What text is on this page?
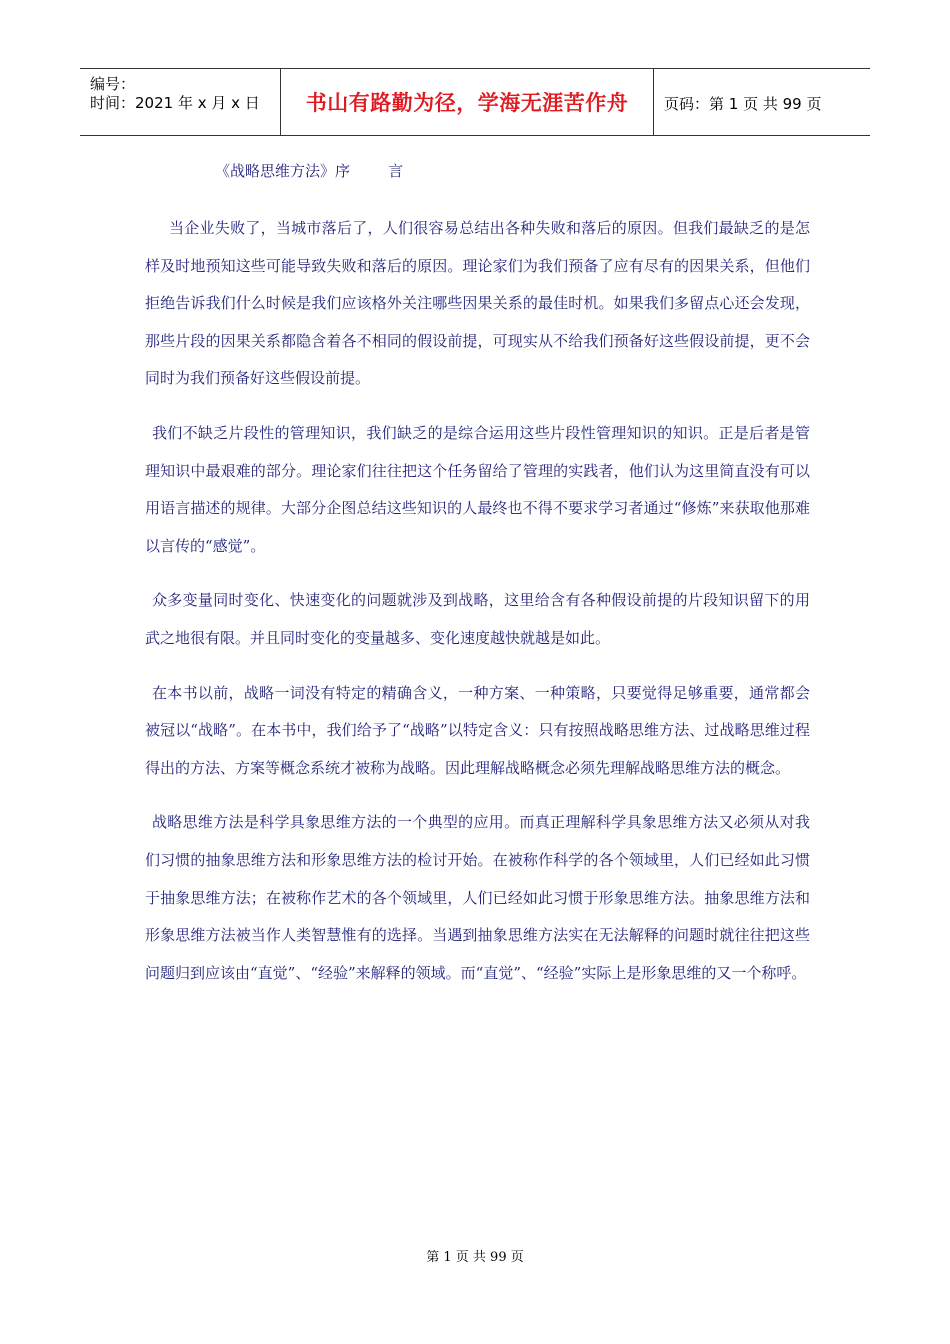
编号：
时间：2021 年 x 月 x 日	书山有路勤为径，学海无涯苦作舟	页码：第 1 页 共 99 页
《战略思维方法》序        言

当企业失败了，当城市落后了，人们很容易总结出各种失败和落后的原因。但我们最缺乏的是怎样及时地预知这些可能导致失败和落后的原因。理论家们为我们预备了应有尽有的因果关系，但他们拒绝告诉我们什么时候是我们应该格外关注哪些因果关系的最佳时机。如果我们多留点心还会发现，那些片段的因果关系都隐含着各不相同的假设前提，可现实从不给我们预备好这些假设前提，更不会同时为我们预备好这些假设前提。

我们不缺乏片段性的管理知识，我们缺乏的是综合运用这些片段性管理知识的知识。正是后者是管理知识中最艰难的部分。理论家们往往把这个任务留给了管理的实践者，他们认为这里简直没有可以用语言描述的规律。大部分企图总结这些知识的人最终也不得不要求学习者通过“修炼”来获取他那难以言传的“感觉”。

众多变量同时变化、快速变化的问题就涉及到战略，这里给含有各种假设前提的片段知识留下的用武之地很有限。并且同时变化的变量越多、变化速度越快就越是如此。

在本书以前，战略一词没有特定的精确含义，一种方案、一种策略，只要觉得足够重要，通常都会被冠以“战略”。在本书中，我们给予了“战略”以特定含义：只有按照战略思维方法、过战略思维过程得出的方法、方案等概念系统才被称为战略。因此理解战略概念必须先理解战略思维方法的概念。

战略思维方法是科学具象思维方法的一个典型的应用。而真正理解科学具象思维方法又必须从对我们习惯的抽象思维方法和形象思维方法的检讨开始。在被称作科学的各个领域里，人们已经如此习惯于抽象思维方法；在被称作艺术的各个领域里，人们已经如此习惯于形象思维方法。抽象思维方法和形象思维方法被当作人类智慧惟有的选择。当遇到抽象思维方法实在无法解释的问题时就往往把这些问题归到应该由“直觉”、“经验”来解释的领域。而“直觉”、“经验”实际上是形象思维的又一个称呼。

第 1 页 共 99 页
